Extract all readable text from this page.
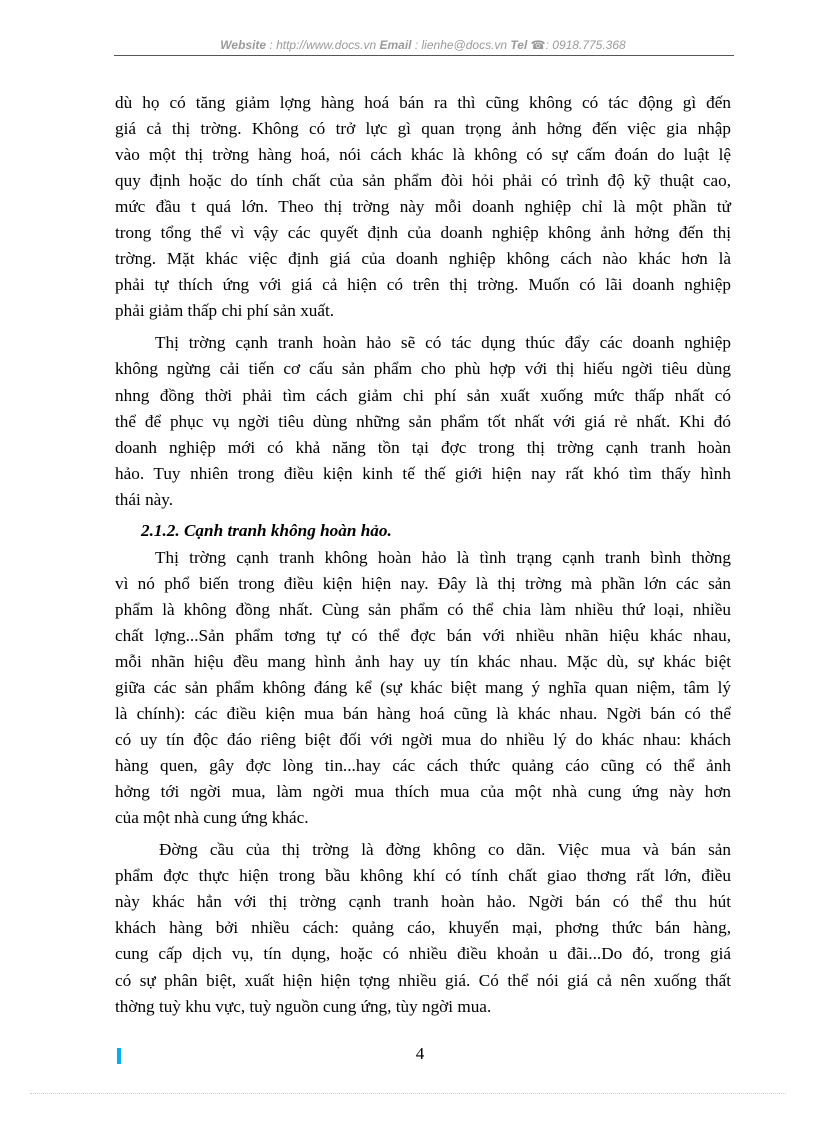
Website : http://www.docs.vn Email : lienhe@docs.vn Tel ☎: 0918.775.368
dù họ có tăng giảm lợng hàng hoá bán ra thì cũng không có tác động gì đến
giá cả thị trờng. Không có trở lực gì quan trọng ảnh hởng đến việc gia nhập
vào một thị trờng hàng hoá, nói cách khác là không có sự cấm đoán do luật lệ
quy định hoặc do tính chất của sản phẩm đòi hỏi phải có trình độ kỹ thuật cao,
mức đầu t quá lớn. Theo thị trờng này mỗi doanh nghiệp chỉ là một phần tử
trong tổng thể vì vậy các quyết định của doanh nghiệp không ảnh hởng đến thị
trờng. Mặt khác việc định giá của doanh nghiệp không cách nào khác hơn là
phải tự thích ứng với giá cả hiện có trên thị trờng. Muốn có lãi doanh nghiệp
phải giảm thấp chi phí sản xuất.
Thị trờng cạnh tranh hoàn hảo sẽ có tác dụng thúc đẩy các doanh nghiệp
không ngừng cải tiến cơ cấu sản phẩm cho phù hợp với thị hiếu ngời tiêu dùng
nhng đồng thời phải tìm cách giảm chi phí sản xuất xuống mức thấp nhất có
thể để phục vụ ngời tiêu dùng những sản phẩm tốt nhất với giá rẻ nhất. Khi đó
doanh nghiệp mới có khả năng tồn tại đợc trong thị trờng cạnh tranh hoàn
hảo. Tuy nhiên trong điều kiện kinh tế thế giới hiện nay rất khó tìm thấy hình
thái này.
2.1.2. Cạnh tranh không hoàn hảo.
Thị trờng cạnh tranh không hoàn hảo là tình trạng cạnh tranh bình thờng
vì nó phổ biến trong điều kiện hiện nay. Đây là thị trờng mà phần lớn các sản
phẩm là không đồng nhất. Cùng sản phẩm có thể chia làm nhiều thứ loại, nhiều
chất lợng...Sản phẩm tơng tự có thể đợc bán với nhiều nhãn hiệu khác nhau,
mỗi nhãn hiệu đều mang hình ảnh hay uy tín khác nhau. Mặc dù, sự khác biệt
giữa các sản phẩm không đáng kể (sự khác biệt mang ý nghĩa quan niệm, tâm lý
là chính): các điều kiện mua bán hàng hoá cũng là khác nhau. Ngời bán có thể
có uy tín độc đáo riêng biệt đối với ngời mua do nhiều lý do khác nhau: khách
hàng quen, gây đợc lòng tin...hay các cách thức quảng cáo cũng có thể ảnh
hởng tới ngời mua, làm ngời mua thích mua của một nhà cung ứng này hơn
của một nhà cung ứng khác.
Đờng cầu của thị trờng là đờng không co dãn. Việc mua và bán sản
phẩm đợc thực hiện trong bầu không khí có tính chất giao thơng rất lớn, điều
này khác hẳn với thị trờng cạnh tranh hoàn hảo. Ngời bán có thể thu hút
khách hàng bởi nhiều cách: quảng cáo, khuyến mại, phơng thức bán hàng,
cung cấp dịch vụ, tín dụng, hoặc có nhiều điều khoản u đãi...Do đó, trong giá
có sự phân biệt, xuất hiện hiện tợng nhiều giá. Có thể nói giá cả nên xuống thất
thờng tuỳ khu vực, tuỳ nguồn cung ứng, tùy ngời mua.
4
